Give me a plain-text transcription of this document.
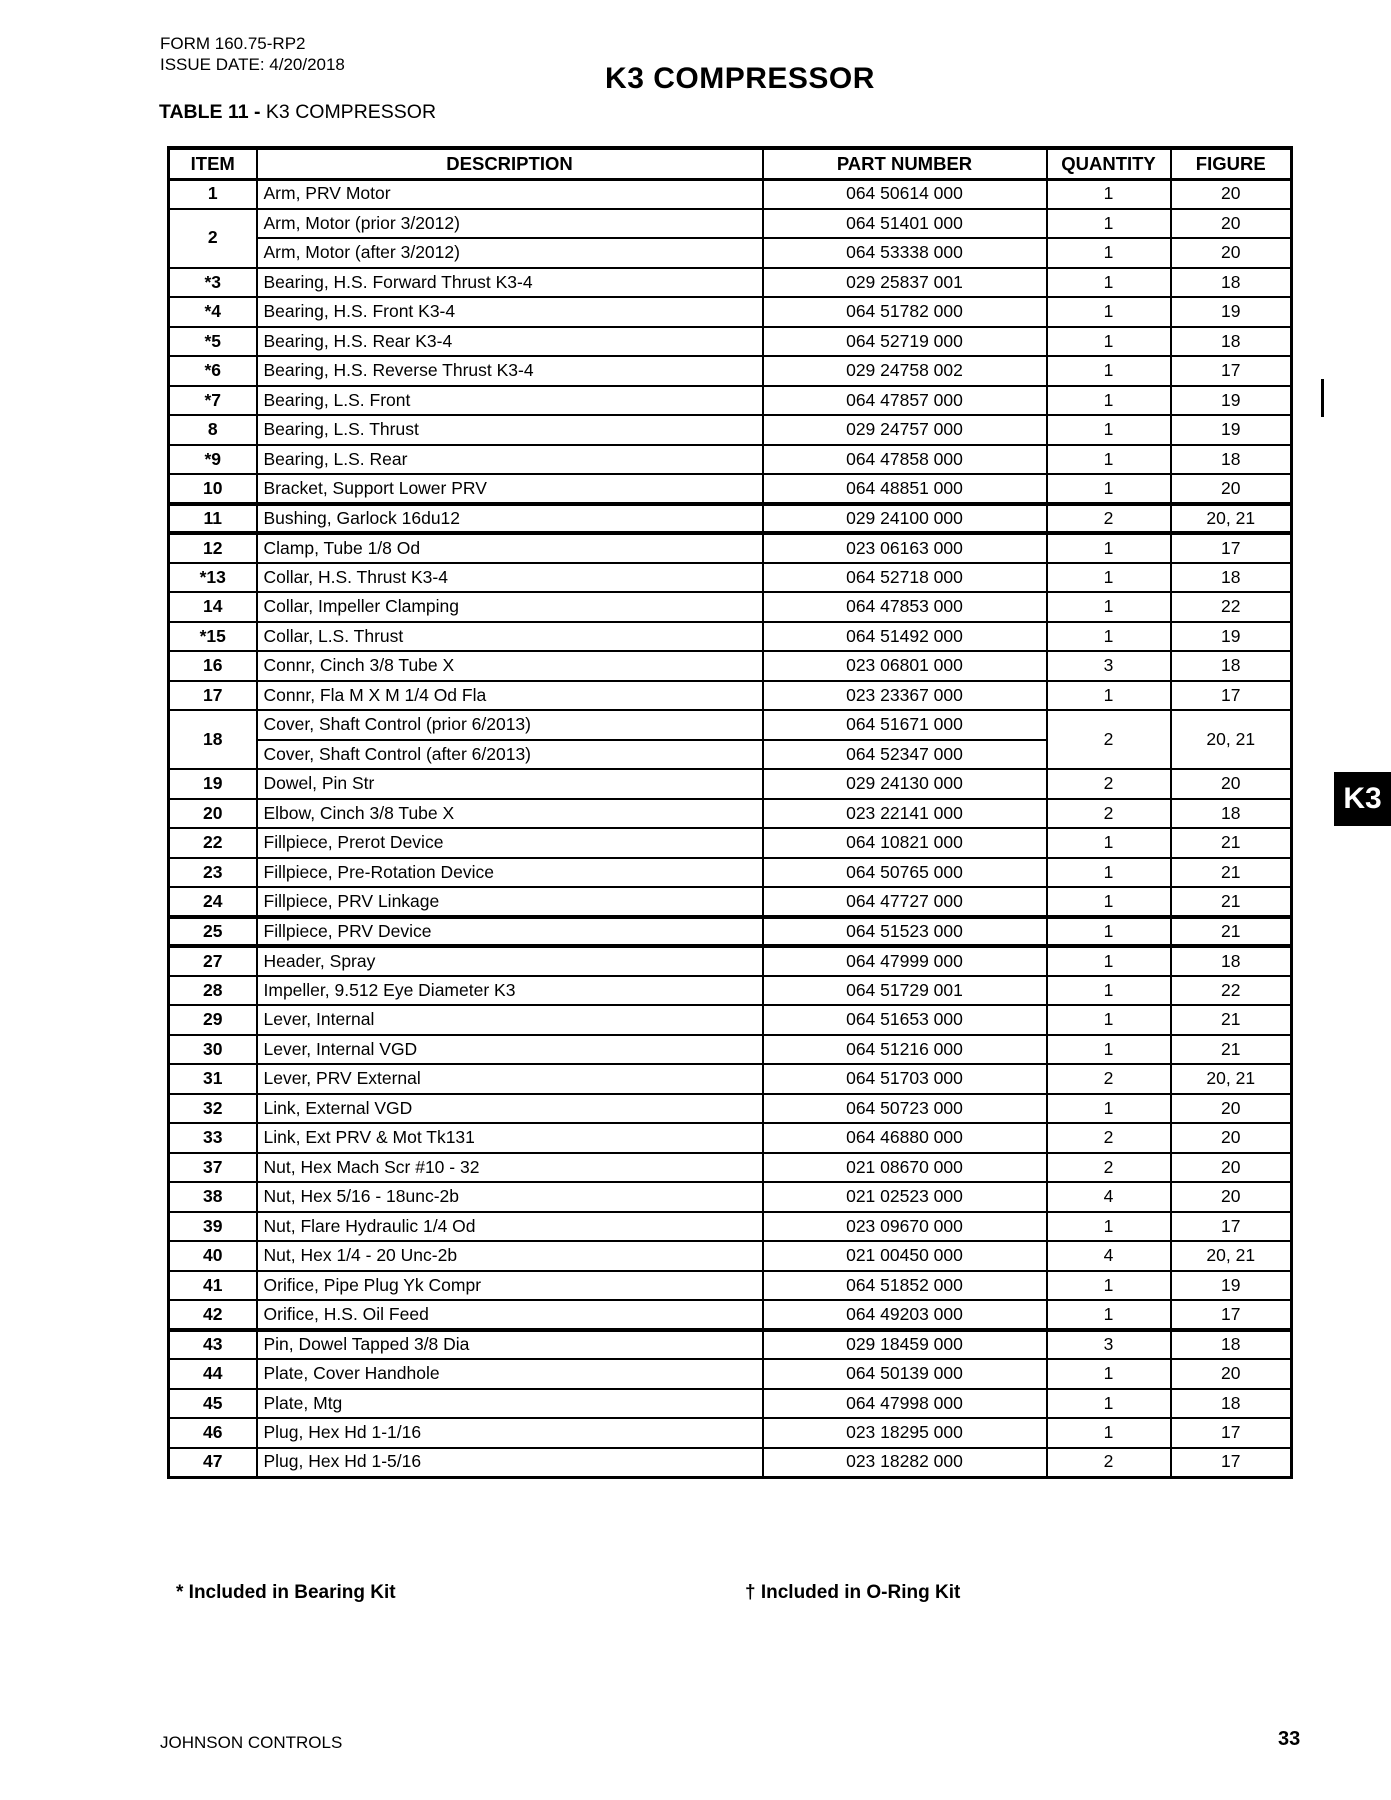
FORM 160.75-RP2
ISSUE DATE: 4/20/2018	K3 COMPRESSOR
TABLE 11 - K3 COMPRESSOR
ITEM	DESCRIPTION	PART NUMBER	QUANTITY	FIGURE
1	Arm, PRV Motor	064 50614 000	1	20
2	Arm, Motor (prior 3/2012)	064 51401 000	1	20
	Arm, Motor (after 3/2012)	064 53338 000	1	20
*3	Bearing, H.S. Forward Thrust K3-4	029 25837 001	1	18
*4	Bearing, H.S. Front K3-4	064 51782 000	1	19
*5	Bearing, H.S. Rear K3-4	064 52719 000	1	18
*6	Bearing, H.S. Reverse Thrust K3-4	029 24758 002	1	17
*7	Bearing, L.S. Front	064 47857 000	1	19
8	Bearing, L.S. Thrust	029 24757 000	1	19
*9	Bearing, L.S. Rear	064 47858 000	1	18
10	Bracket, Support Lower PRV	064 48851 000	1	20
11	Bushing, Garlock 16du12	029 24100 000	2	20, 21
12	Clamp, Tube 1/8 Od	023 06163 000	1	17
*13	Collar, H.S. Thrust K3-4	064 52718 000	1	18
14	Collar, Impeller Clamping	064 47853 000	1	22
*15	Collar, L.S. Thrust	064 51492 000	1	19
16	Connr, Cinch 3/8 Tube X	023 06801 000	3	18
17	Connr, Fla M X M 1/4 Od Fla	023 23367 000	1	17
18	Cover, Shaft Control (prior 6/2013)	064 51671 000	2	20, 21
	Cover, Shaft Control (after 6/2013)	064 52347 000		
19	Dowel, Pin Str	029 24130 000	2	20
20	Elbow, Cinch 3/8 Tube X	023 22141 000	2	18
22	Fillpiece, Prerot Device	064 10821 000	1	21
23	Fillpiece, Pre-Rotation Device	064 50765 000	1	21
24	Fillpiece, PRV Linkage	064 47727 000	1	21
25	Fillpiece, PRV Device	064 51523 000	1	21
27	Header, Spray	064 47999 000	1	18
28	Impeller, 9.512 Eye Diameter K3	064 51729 001	1	22
29	Lever, Internal	064 51653 000	1	21
30	Lever, Internal VGD	064 51216 000	1	21
31	Lever, PRV External	064 51703 000	2	20, 21
32	Link, External VGD	064 50723 000	1	20
33	Link, Ext PRV & Mot Tk131	064 46880 000	2	20
37	Nut, Hex Mach Scr #10 - 32	021 08670 000	2	20
38	Nut, Hex 5/16 - 18unc-2b	021 02523 000	4	20
39	Nut, Flare Hydraulic 1/4 Od	023 09670 000	1	17
40	Nut, Hex 1/4 - 20 Unc-2b	021 00450 000	4	20, 21
41	Orifice, Pipe Plug Yk Compr	064 51852 000	1	19
42	Orifice, H.S. Oil Feed	064 49203 000	1	17
43	Pin, Dowel Tapped 3/8 Dia	029 18459 000	3	18
44	Plate, Cover Handhole	064 50139 000	1	20
45	Plate, Mtg	064 47998 000	1	18
46	Plug, Hex Hd 1-1/16	023 18295 000	1	17
47	Plug, Hex Hd 1-5/16	023 18282 000	2	17
* Included in Bearing Kit	† Included in O-Ring Kit
K3
JOHNSON CONTROLS	33
